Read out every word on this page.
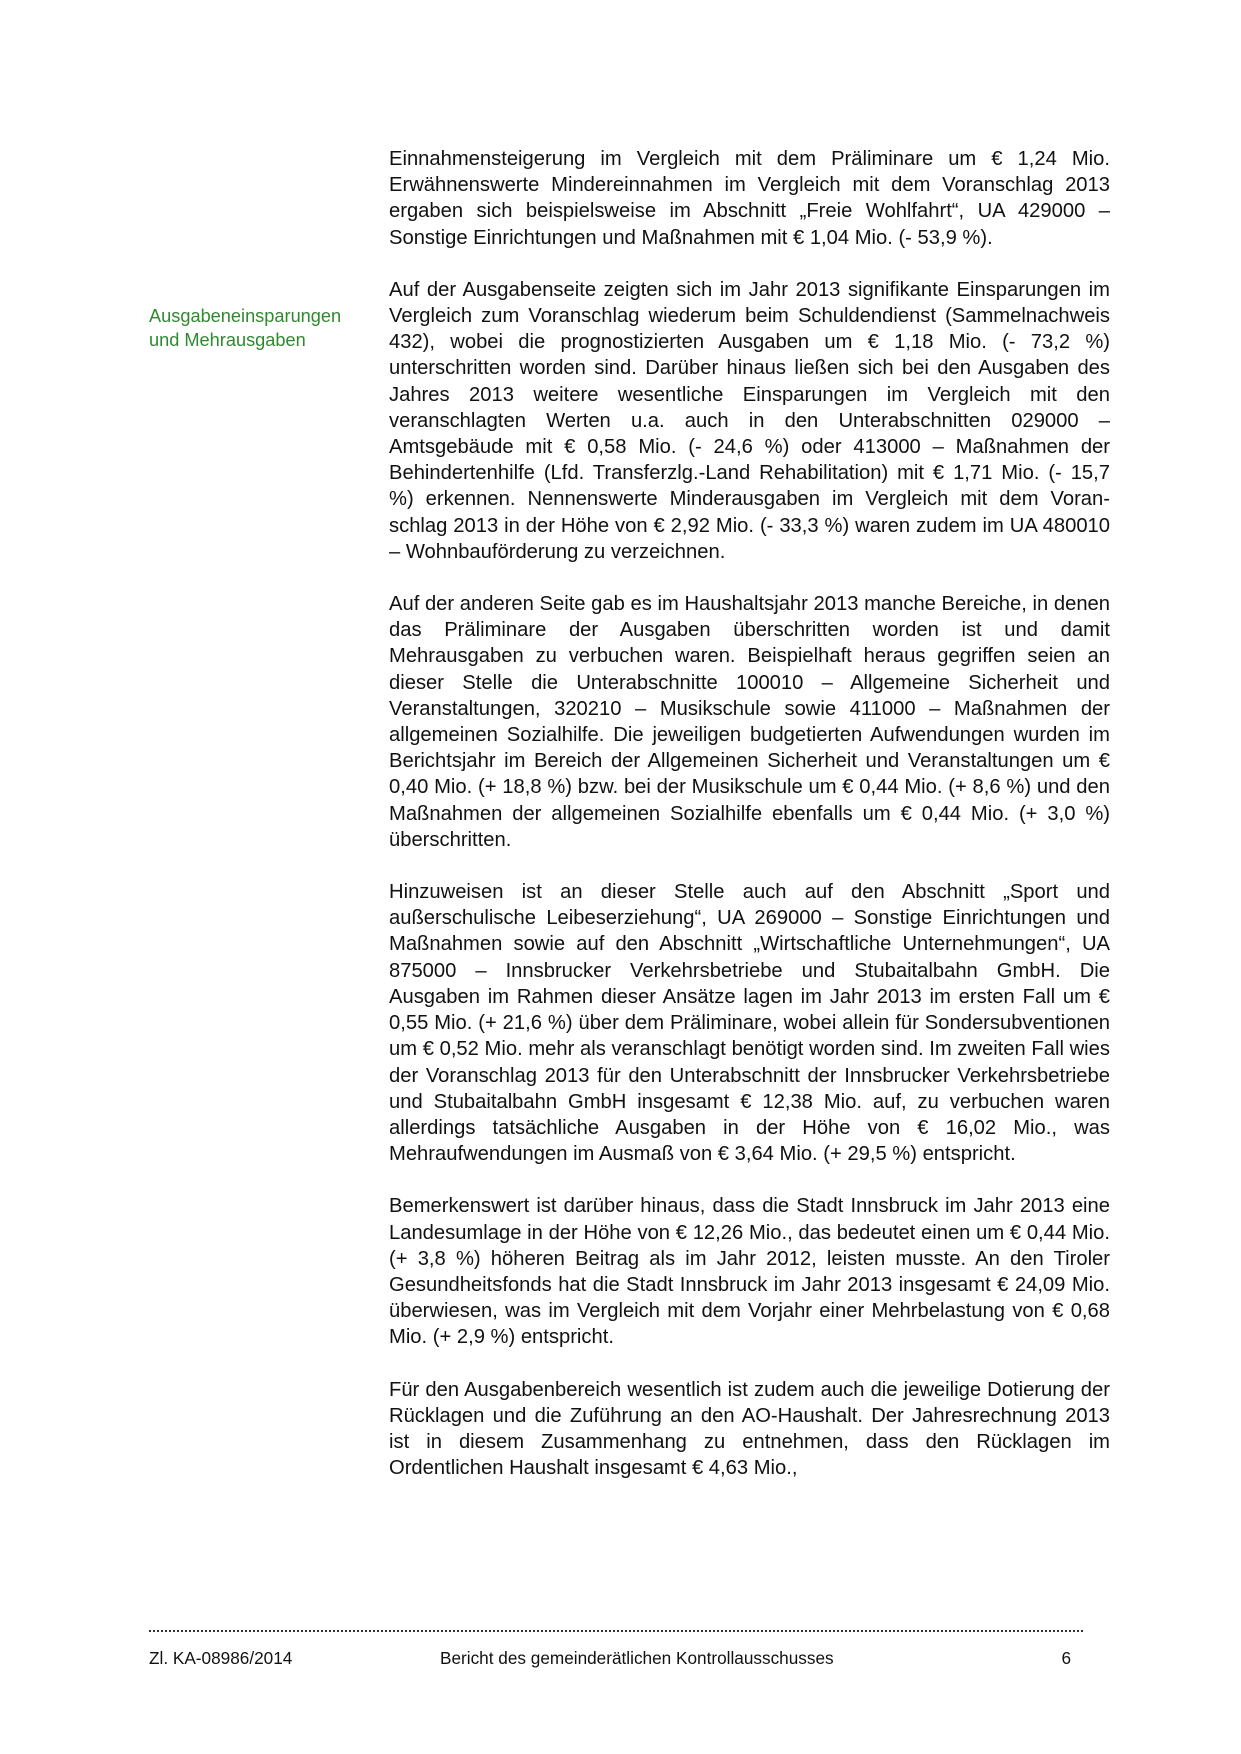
Ausgabeneinsparungen
und Mehrausgaben

Einnahmensteigerung im Vergleich mit dem Präliminare um € 1,24 Mio. Erwähnenswerte Mindereinnahmen im Vergleich mit dem Voranschlag 2013 ergaben sich beispielsweise im Abschnitt „Freie Wohlfahrt“, UA 429000 – Sonstige Einrichtungen und Maßnahmen mit € 1,04 Mio. (- 53,9 %).

Auf der Ausgabenseite zeigten sich im Jahr 2013 signifikante Einsparungen im Vergleich zum Voranschlag wiederum beim Schuldendienst (Sammelnachweis 432), wobei die prognostizierten Ausgaben um € 1,18 Mio. (- 73,2 %) unterschritten worden sind. Darüber hinaus ließen sich bei den Ausgaben des Jahres 2013 weitere wesentliche Einsparungen im Vergleich mit den veranschlagten Werten u.a. auch in den Unterabschnitten 029000 – Amtsgebäude mit € 0,58 Mio. (- 24,6 %) oder 413000 – Maßnahmen der Behindertenhilfe (Lfd. Transferzlg.-Land Rehabilitation) mit € 1,71 Mio. (- 15,7 %) erkennen. Nennenswerte Minderausgaben im Vergleich mit dem Voranschlag 2013 in der Höhe von € 2,92 Mio. (- 33,3 %) waren zudem im UA 480010 – Wohnbauförderung zu verzeichnen.

Auf der anderen Seite gab es im Haushaltsjahr 2013 manche Bereiche, in denen das Präliminare der Ausgaben überschritten worden ist und damit Mehrausgaben zu verbuchen waren. Beispielhaft heraus gegriffen seien an dieser Stelle die Unterabschnitte 100010 – Allgemeine Sicherheit und Veranstaltungen, 320210 – Musikschule sowie 411000 – Maßnahmen der allgemeinen Sozialhilfe. Die jeweiligen budgetierten Aufwendungen wurden im Berichtsjahr im Bereich der Allgemeinen Sicherheit und Veranstaltungen um € 0,40 Mio. (+ 18,8 %) bzw. bei der Musikschule um € 0,44 Mio. (+ 8,6 %) und den Maßnahmen der allgemeinen Sozialhilfe ebenfalls um € 0,44 Mio. (+ 3,0 %) überschritten.

Hinzuweisen ist an dieser Stelle auch auf den Abschnitt „Sport und außerschulische Leibeserziehung“, UA 269000 – Sonstige Einrichtungen und Maßnahmen sowie auf den Abschnitt „Wirtschaftliche Unternehmungen“, UA 875000 – Innsbrucker Verkehrsbetriebe und Stubaitalbahn GmbH. Die Ausgaben im Rahmen dieser Ansätze lagen im Jahr 2013 im ersten Fall um € 0,55 Mio. (+ 21,6 %) über dem Präliminare, wobei allein für Sondersubventionen um € 0,52 Mio. mehr als veranschlagt benötigt worden sind. Im zweiten Fall wies der Voranschlag 2013 für den Unterabschnitt der Innsbrucker Verkehrsbetriebe und Stubaitalbahn GmbH insgesamt € 12,38 Mio. auf, zu verbuchen waren allerdings tatsächliche Ausgaben in der Höhe von € 16,02 Mio., was Mehraufwendungen im Ausmaß von € 3,64 Mio. (+ 29,5 %) entspricht.

Bemerkenswert ist darüber hinaus, dass die Stadt Innsbruck im Jahr 2013 eine Landesumlage in der Höhe von € 12,26 Mio., das bedeutet einen um € 0,44 Mio. (+ 3,8 %) höheren Beitrag als im Jahr 2012, leisten musste. An den Tiroler Gesundheitsfonds hat die Stadt Innsbruck im Jahr 2013 insgesamt € 24,09 Mio. überwiesen, was im Vergleich mit dem Vorjahr einer Mehrbelastung von € 0,68 Mio. (+ 2,9 %) entspricht.

Für den Ausgabenbereich wesentlich ist zudem auch die jeweilige Dotierung der Rücklagen und die Zuführung an den AO-Haushalt. Der Jahresrechnung 2013 ist in diesem Zusammenhang zu entnehmen, dass den Rücklagen im Ordentlichen Haushalt insgesamt € 4,63 Mio.,

Zl. KA-08986/2014	Bericht des gemeinderätlichen Kontrollausschusses	6
